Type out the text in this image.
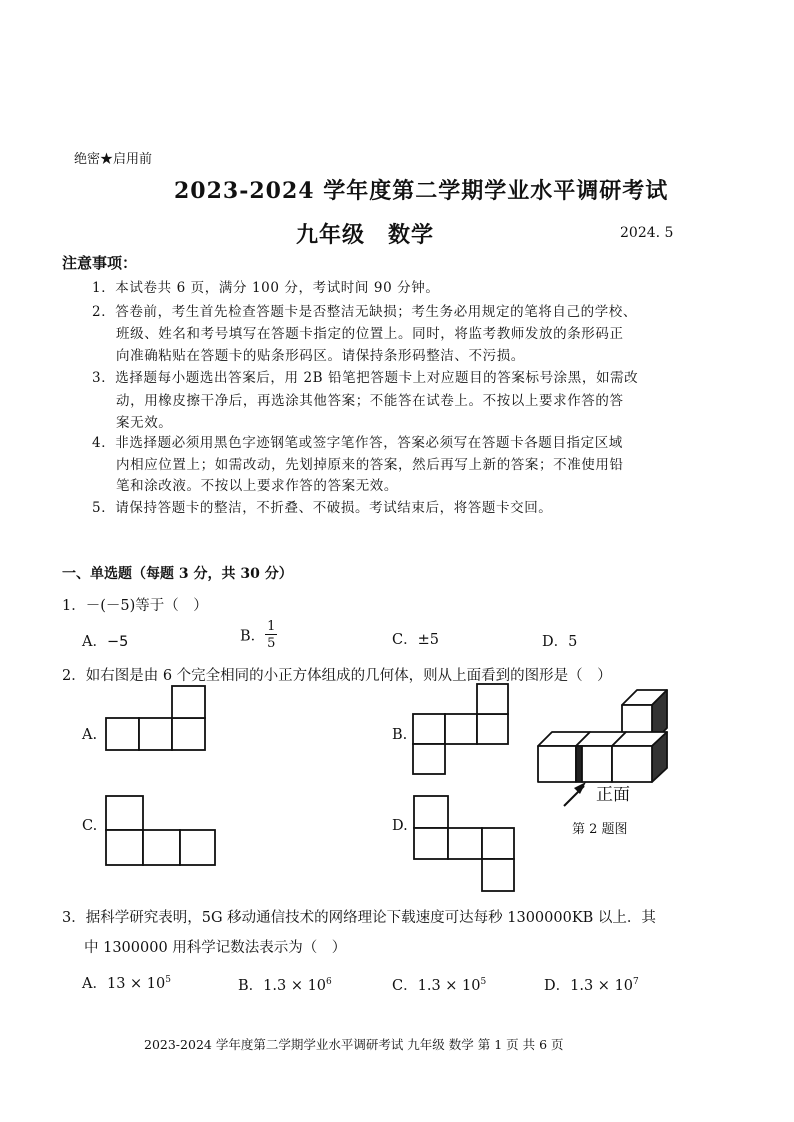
绝密★启用前
2023-2024 学年度第二学期学业水平调研考试
九年级　数学	2024. 5
注意事项：
1．本试卷共 6 页，满分 100 分，考试时间 90 分钟。
2．答卷前，考生首先检查答题卡是否整洁无缺损；考生务必用规定的笔将自己的学校、
班级、姓名和考号填写在答题卡指定的位置上。同时，将监考教师发放的条形码正
向准确粘贴在答题卡的贴条形码区。请保持条形码整洁、不污损。
3．选择题每小题选出答案后，用 2B 铅笔把答题卡上对应题目的答案标号涂黑，如需改
动，用橡皮擦干净后，再选涂其他答案；不能答在试卷上。不按以上要求作答的答
案无效。
4．非选择题必须用黑色字迹钢笔或签字笔作答，答案必须写在答题卡各题目指定区域
内相应位置上；如需改动，先划掉原来的答案，然后再写上新的答案；不准使用铅
笔和涂改液。不按以上要求作答的答案无效。
5．请保持答题卡的整洁，不折叠、不破损。考试结束后，将答题卡交回。
一、单选题（每题 3 分，共 30 分）
1．－(－5)等于（　）
A．−5	B． $\frac{1}{5}$	C．±5	D．5
2．如右图是由 6 个完全相同的小正方体组成的几何体，则从上面看到的图形是（　）
A.	B.
C.	D.
正面
第 2 题图
3．据科学研究表明，5G 移动通信技术的网络理论下载速度可达每秒 1300000KB 以上．其
中 1300000 用科学记数法表示为（　）
A．$13 \times 10^5$	B．$1.3 \times 10^6$	C．$1.3 \times 10^5$	D．$1.3 \times 10^7$
2023-2024 学年度第二学期学业水平调研考试 九年级 数学 第 1 页 共 6 页
